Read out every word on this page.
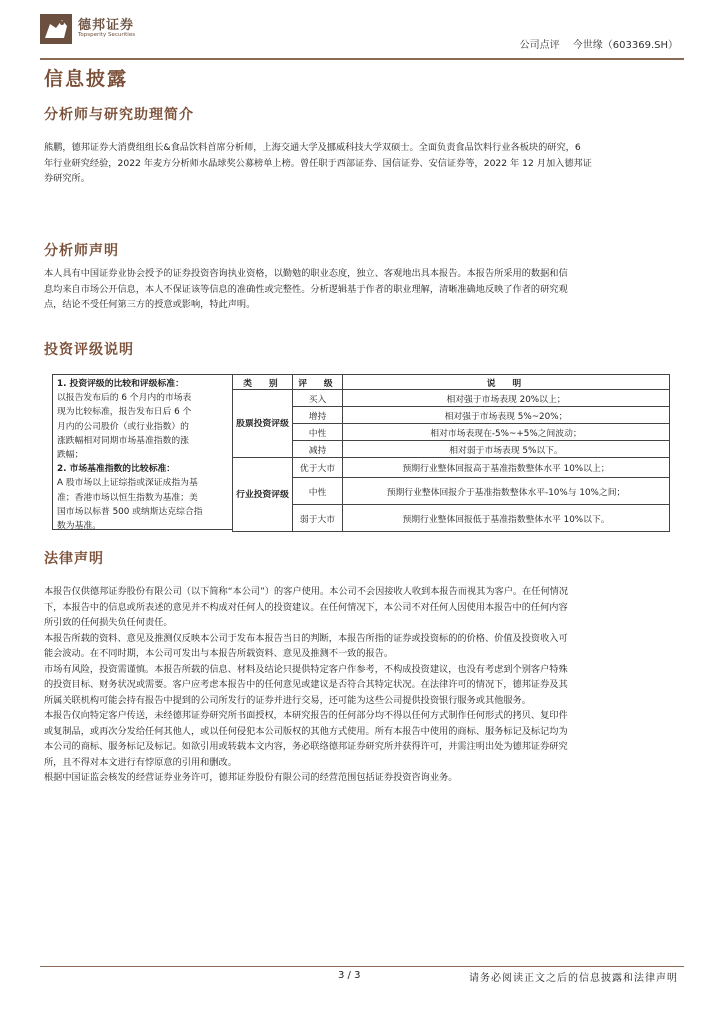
德邦证券
Topsperity Securities
公司点评 今世缘（603369.SH）
信息披露
分析师与研究助理简介

熊鹏，德邦证券大消费组组长&食品饮料首席分析师，上海交通大学及挪威科技大学双硕士。全面负责食品饮料行业各板块的研究，6

年行业研究经验，2022 年麦方分析师水晶球奖公募榜单上榜。曾任职于西部证券、国信证券、安信证券等，2022 年 12 月加入德邦证

券研究所。

分析师声明

本人具有中国证券业协会授予的证券投资咨询执业资格，以勤勉的职业态度，独立、客观地出具本报告。本报告所采用的数据和信

息均来自市场公开信息，本人不保证该等信息的准确性或完整性。分析逻辑基于作者的职业理解，清晰准确地反映了作者的研究观

点，结论不受任何第三方的授意或影响，特此声明。

投资评级说明
1. 投资评级的比较和评级标准：
以报告发布后的 6 个月内的市场表
现为比较标准，报告发布日后 6 个
月内的公司股价（或行业指数）的
涨跌幅相对同期市场基准指数的涨
跌幅；
2. 市场基准指数的比较标准：
A 股市场以上证综指或深证成指为基
准；香港市场以恒生指数为基准；美
国市场以标普 500 或纳斯达克综合指
数为基准。
类　别	评　级	说　明
股票投资评级	买入	相对强于市场表现 20%以上；
	增持	相对强于市场表现 5%~20%；
	中性	相对市场表现在-5%~+5%之间波动；
	减持	相对弱于市场表现 5%以下。
行业投资评级	优于大市	预期行业整体回报高于基准指数整体水平 10%以上；
	中性	预期行业整体回报介于基准指数整体水平-10%与 10%之间；
	弱于大市	预期行业整体回报低于基准指数整体水平 10%以下。
法律声明

本报告仅供德邦证券股份有限公司（以下简称“本公司”）的客户使用。本公司不会因接收人收到本报告而视其为客户。在任何情况

下，本报告中的信息或所表述的意见并不构成对任何人的投资建议。在任何情况下，本公司不对任何人因使用本报告中的任何内容

所引致的任何损失负任何责任。

本报告所载的资料、意见及推测仅反映本公司于发布本报告当日的判断，本报告所指的证券或投资标的的价格、价值及投资收入可

能会波动。在不同时期，本公司可发出与本报告所载资料、意见及推测不一致的报告。

市场有风险，投资需谨慎。本报告所载的信息、材料及结论只提供特定客户作参考，不构成投资建议，也没有考虑到个别客户特殊

的投资目标、财务状况或需要。客户应考虑本报告中的任何意见或建议是否符合其特定状况。在法律许可的情况下，德邦证券及其

所属关联机构可能会持有报告中提到的公司所发行的证券并进行交易，还可能为这些公司提供投资银行服务或其他服务。

本报告仅向特定客户传送，未经德邦证券研究所书面授权，本研究报告的任何部分均不得以任何方式制作任何形式的拷贝、复印件

或复制品，或再次分发给任何其他人，或以任何侵犯本公司版权的其他方式使用。所有本报告中使用的商标、服务标记及标记均为

本公司的商标、服务标记及标记。如欲引用或转载本文内容，务必联络德邦证券研究所并获得许可，并需注明出处为德邦证券研究

所，且不得对本文进行有悖原意的引用和删改。

根据中国证监会核发的经营证券业务许可，德邦证券股份有限公司的经营范围包括证券投资咨询业务。

3 / 3	请务必阅读正文之后的信息披露和法律声明
